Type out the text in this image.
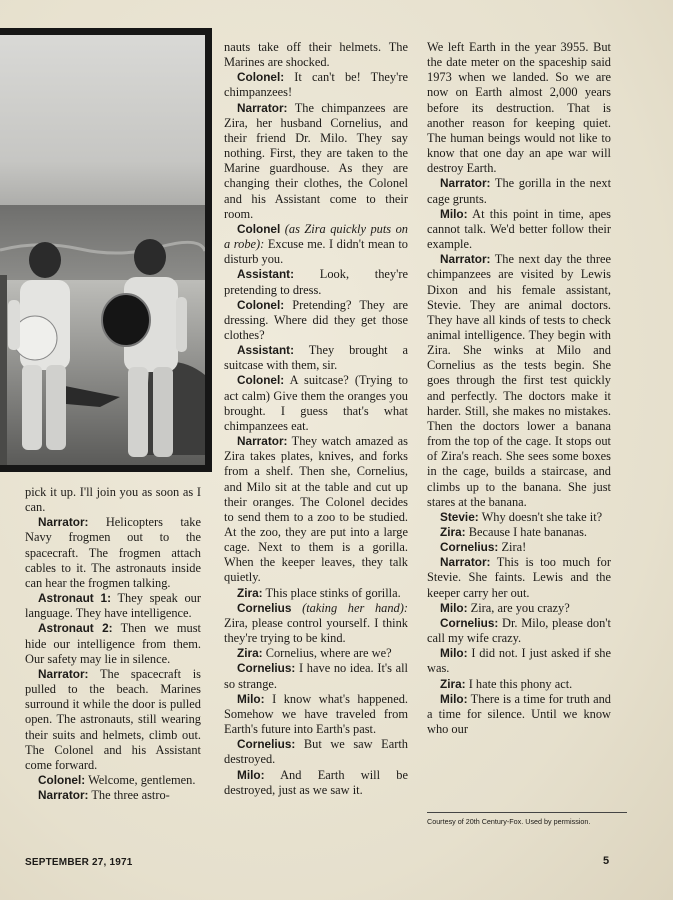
pick it up. I'll join you as soon as I can.

Narrator: Helicopters take Navy frogmen out to the spacecraft. The frogmen attach cables to it. The astronauts inside can hear the frogmen talking.

Astronaut 1: They speak our language. They have intelligence.

Astronaut 2: Then we must hide our intelligence from them. Our safety may lie in silence.

Narrator: The spacecraft is pulled to the beach. Marines surround it while the door is pulled open. The astronauts, still wearing their suits and helmets, climb out. The Colonel and his Assistant come forward.

Colonel: Welcome, gentlemen.

Narrator: The three astro-

nauts take off their helmets. The Marines are shocked.

Colonel: It can't be! They're chimpanzees!

Narrator: The chimpanzees are Zira, her husband Cornelius, and their friend Dr. Milo. They say nothing. First, they are taken to the Marine guardhouse. As they are changing their clothes, the Colonel and his Assistant come to their room.

Colonel (as Zira quickly puts on a robe): Excuse me. I didn't mean to disturb you.

Assistant: Look, they're pretending to dress.

Colonel: Pretending? They are dressing. Where did they get those clothes?

Assistant: They brought a suitcase with them, sir.

Colonel: A suitcase? (Trying to act calm) Give them the oranges you brought. I guess that's what chimpanzees eat.

Narrator: They watch amazed as Zira takes plates, knives, and forks from a shelf. Then she, Cornelius, and Milo sit at the table and cut up their oranges. The Colonel decides to send them to a zoo to be studied. At the zoo, they are put into a large cage. Next to them is a gorilla. When the keeper leaves, they talk quietly.

Zira: This place stinks of gorilla.

Cornelius (taking her hand): Zira, please control yourself. I think they're trying to be kind.

Zira: Cornelius, where are we?

Cornelius: I have no idea. It's all so strange.

Milo: I know what's happened. Somehow we have traveled from Earth's future into Earth's past.

Cornelius: But we saw Earth destroyed.

Milo: And Earth will be destroyed, just as we saw it.

We left Earth in the year 3955. But the date meter on the spaceship said 1973 when we landed. So we are now on Earth almost 2,000 years before its destruction. That is another reason for keeping quiet. The human beings would not like to know that one day an ape war will destroy Earth.

Narrator: The gorilla in the next cage grunts.

Milo: At this point in time, apes cannot talk. We'd better follow their example.

Narrator: The next day the three chimpanzees are visited by Lewis Dixon and his female assistant, Stevie. They are animal doctors. They have all kinds of tests to check animal intelligence. They begin with Zira. She winks at Milo and Cornelius as the tests begin. She goes through the first test quickly and perfectly. The doctors make it harder. Still, she makes no mistakes. Then the doctors lower a banana from the top of the cage. It stops out of Zira's reach. She sees some boxes in the cage, builds a staircase, and climbs up to the banana. She just stares at the banana.

Stevie: Why doesn't she take it?

Zira: Because I hate bananas.

Cornelius: Zira!

Narrator: This is too much for Stevie. She faints. Lewis and the keeper carry her out.

Milo: Zira, are you crazy?

Cornelius: Dr. Milo, please don't call my wife crazy.

Milo: I did not. I just asked if she was.

Zira: I hate this phony act.

Milo: There is a time for truth and a time for silence. Until we know who our

Courtesy of 20th Century-Fox. Used by permission.
SEPTEMBER 27, 1971	5
